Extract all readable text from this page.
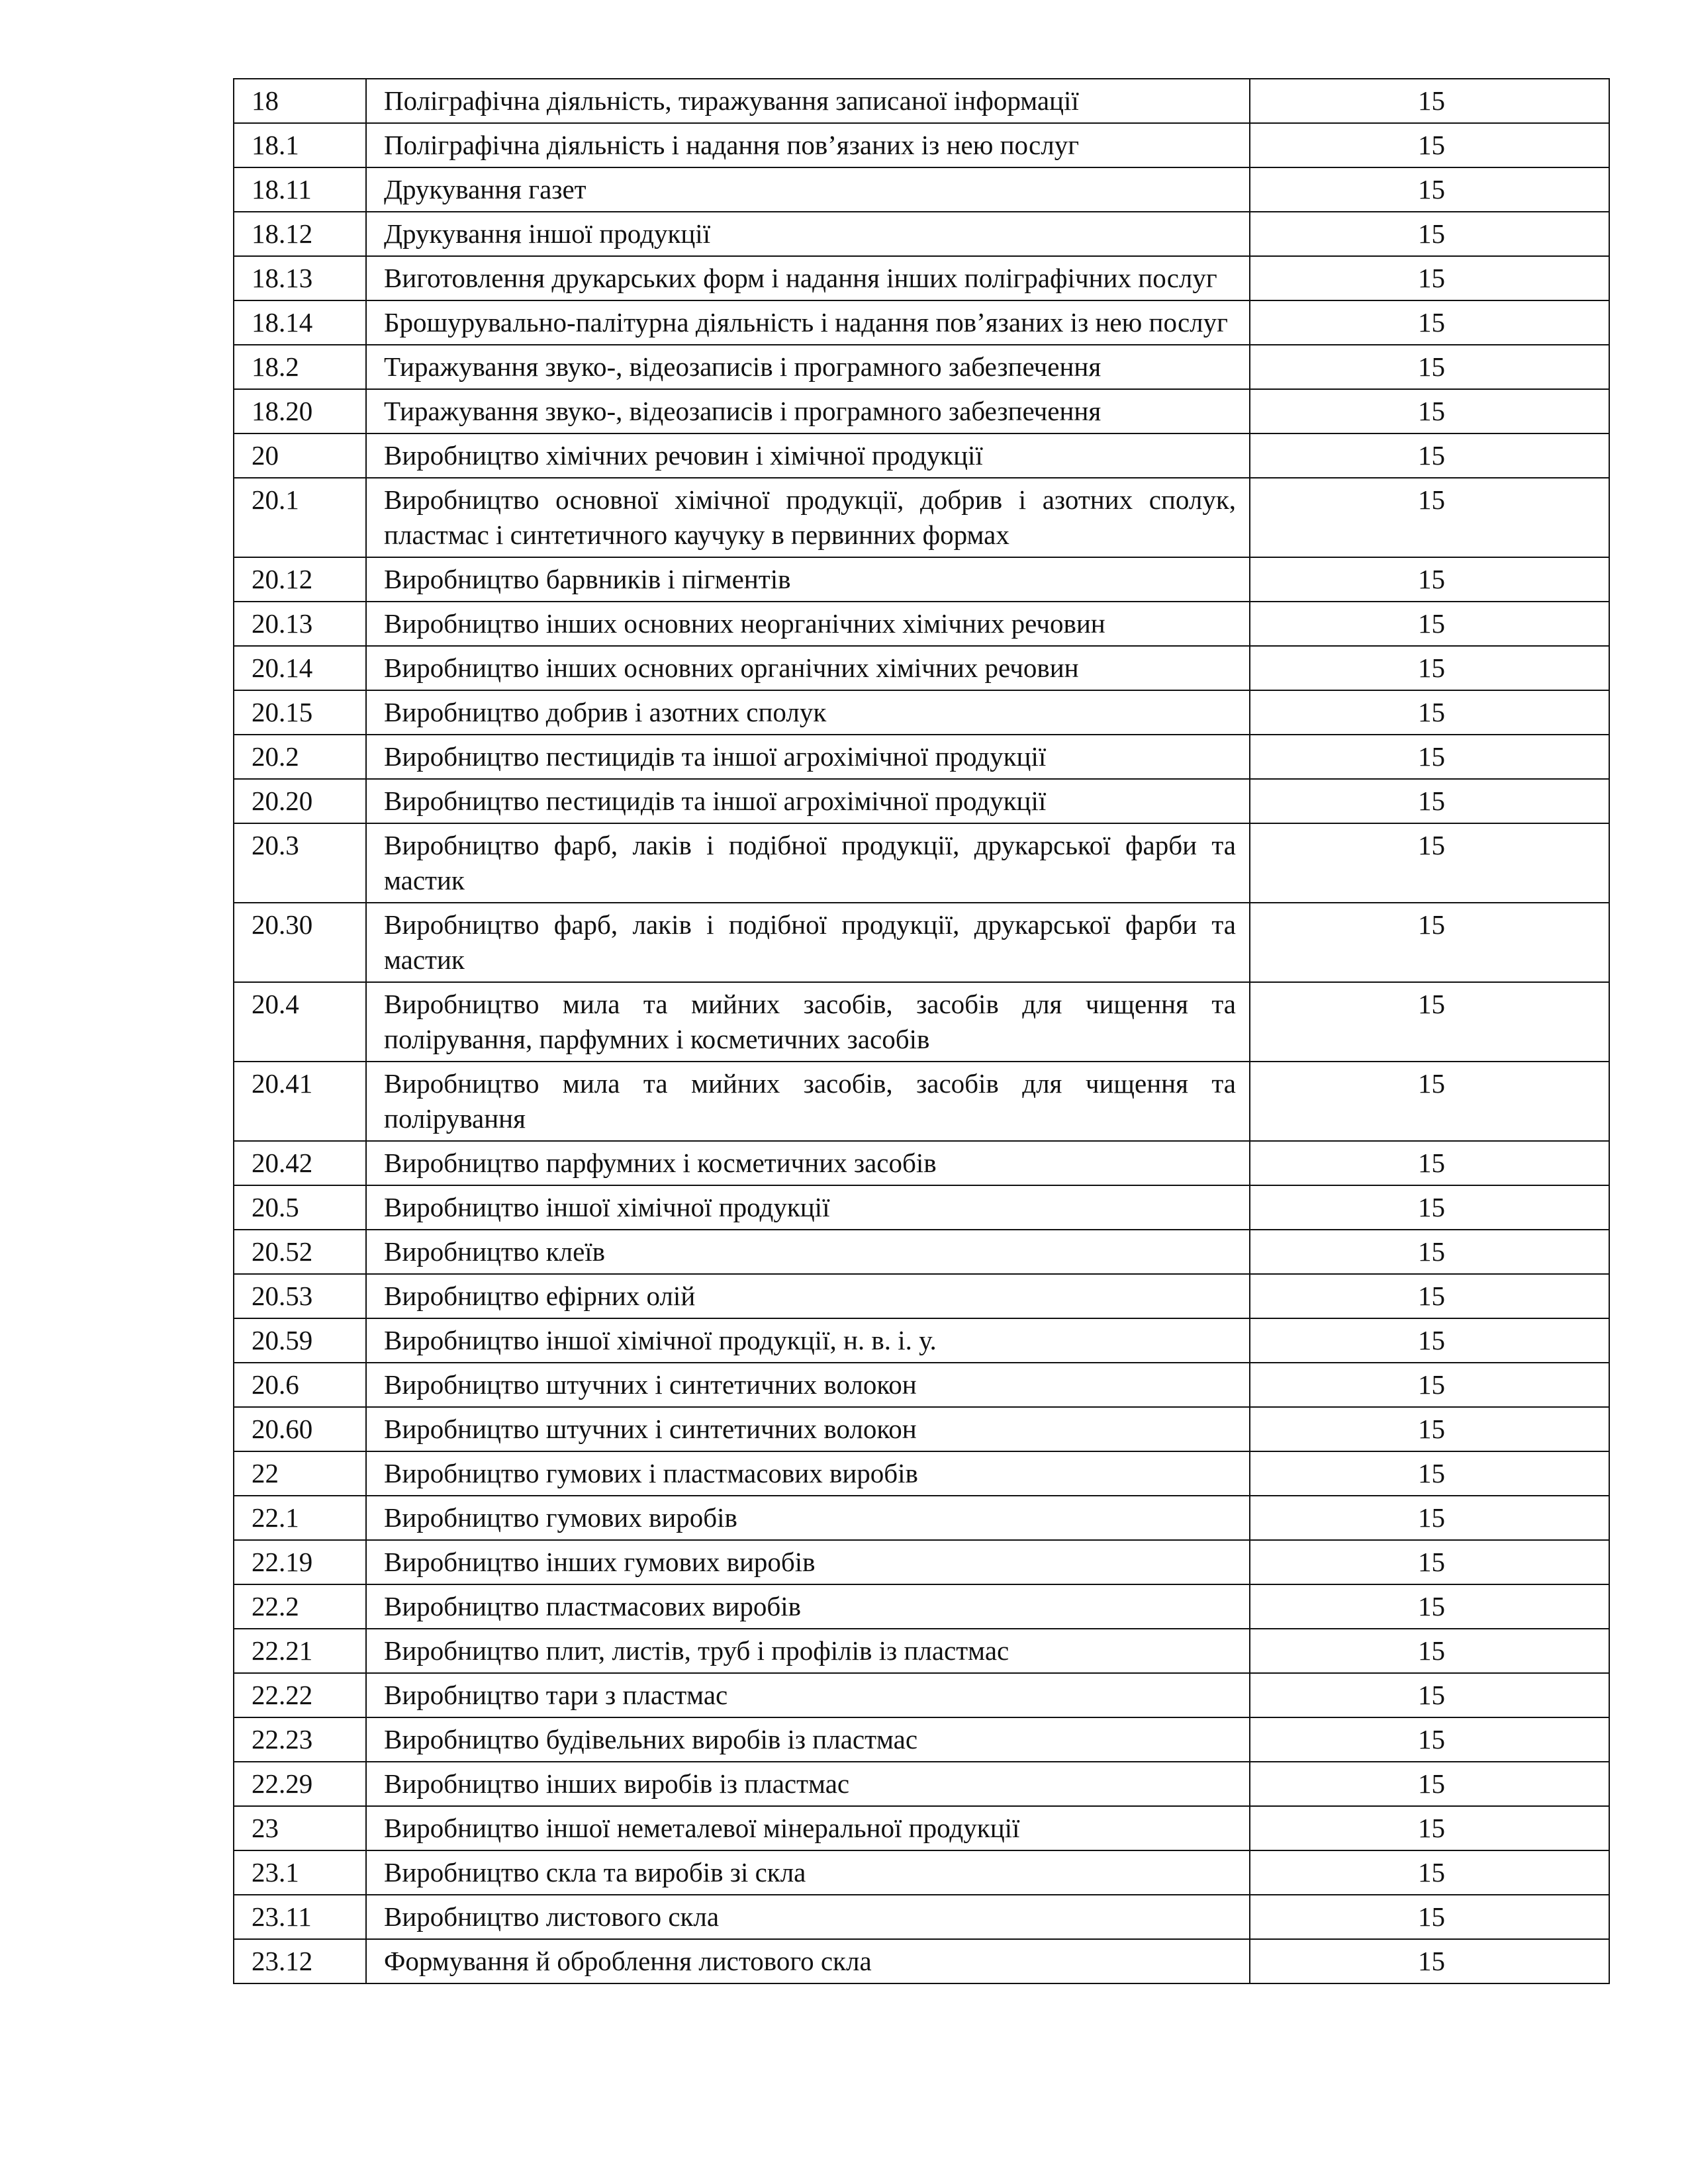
18	Поліграфічна діяльність, тиражування записаної інформації	15
18.1	Поліграфічна діяльність і надання пов’язаних із нею послуг	15
18.11	Друкування газет	15
18.12	Друкування іншої продукції	15
18.13	Виготовлення друкарських форм і надання інших поліграфічних послуг	15
18.14	Брошурувально-палітурна діяльність і надання пов’язаних із нею послуг	15
18.2	Тиражування звуко-, відеозаписів і програмного забезпечення	15
18.20	Тиражування звуко-, відеозаписів і програмного забезпечення	15
20	Виробництво хімічних речовин і хімічної продукції	15
20.1	Виробництво основної хімічної продукції, добрив і азотних сполук, пластмас і синтетичного каучуку в первинних формах	15
20.12	Виробництво барвників і пігментів	15
20.13	Виробництво інших основних неорганічних хімічних речовин	15
20.14	Виробництво інших основних органічних хімічних речовин	15
20.15	Виробництво добрив і азотних сполук	15
20.2	Виробництво пестицидів та іншої агрохімічної продукції	15
20.20	Виробництво пестицидів та іншої агрохімічної продукції	15
20.3	Виробництво фарб, лаків і подібної продукції, друкарської фарби та мастик	15
20.30	Виробництво фарб, лаків і подібної продукції, друкарської фарби та мастик	15
20.4	Виробництво мила та мийних засобів, засобів для чищення та полірування, парфумних і косметичних засобів	15
20.41	Виробництво мила та мийних засобів, засобів для чищення та полірування	15
20.42	Виробництво парфумних і косметичних засобів	15
20.5	Виробництво іншої хімічної продукції	15
20.52	Виробництво клеїв	15
20.53	Виробництво ефірних олій	15
20.59	Виробництво іншої хімічної продукції, н. в. і. у.	15
20.6	Виробництво штучних і синтетичних волокон	15
20.60	Виробництво штучних і синтетичних волокон	15
22	Виробництво гумових і пластмасових виробів	15
22.1	Виробництво гумових виробів	15
22.19	Виробництво інших гумових виробів	15
22.2	Виробництво пластмасових виробів	15
22.21	Виробництво плит, листів, труб і профілів із пластмас	15
22.22	Виробництво тари з пластмас	15
22.23	Виробництво будівельних виробів із пластмас	15
22.29	Виробництво інших виробів із пластмас	15
23	Виробництво іншої неметалевої мінеральної продукції	15
23.1	Виробництво скла та виробів зі скла	15
23.11	Виробництво листового скла	15
23.12	Формування й оброблення листового скла	15
